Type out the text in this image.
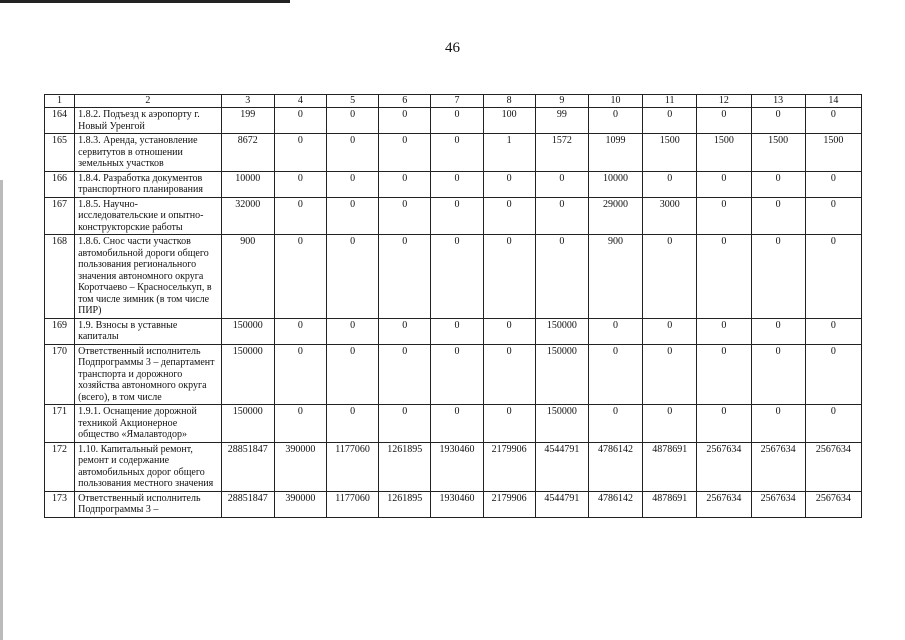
46
1	2	3	4	5	6	7	8	9	10	11	12	13	14
164	1.8.2. Подъезд к аэропорту г. Новый Уренгой	199	0	0	0	0	100	99	0	0	0	0	0
165	1.8.3. Аренда, установление сервитутов в отношении земельных участков	8672	0	0	0	0	1	1572	1099	1500	1500	1500	1500
166	1.8.4. Разработка документов транспортного планирования	10000	0	0	0	0	0	0	10000	0	0	0	0
167	1.8.5. Научно-исследовательские и опытно-конструкторские работы	32000	0	0	0	0	0	0	29000	3000	0	0	0
168	1.8.6. Снос части участков автомобильной дороги общего пользования регионального значения автономного округа Коротчаево – Красноселькуп, в том числе зимник (в том числе ПИР)	900	0	0	0	0	0	0	900	0	0	0	0
169	1.9. Взносы в уставные капиталы	150000	0	0	0	0	0	150000	0	0	0	0	0
170	Ответственный исполнитель Подпрограммы 3 – департамент транспорта и дорожного хозяйства автономного округа (всего), в том числе	150000	0	0	0	0	0	150000	0	0	0	0	0
171	1.9.1. Оснащение дорожной техникой Акционерное общество «Ямалавтодор»	150000	0	0	0	0	0	150000	0	0	0	0	0
172	1.10. Капитальный ремонт, ремонт и содержание автомобильных дорог общего пользования местного значения	28851847	390000	1177060	1261895	1930460	2179906	4544791	4786142	4878691	2567634	2567634	2567634
173	Ответственный исполнитель Подпрограммы 3 –	28851847	390000	1177060	1261895	1930460	2179906	4544791	4786142	4878691	2567634	2567634	2567634
